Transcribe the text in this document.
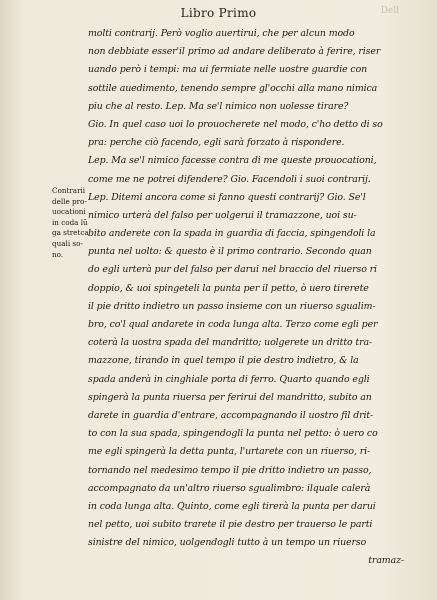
Libro Primo	Dell
Contrarii
delle pro-
uocationi
in coda lũ
ga stretca
quali so-
no.
molti contrarij. Però voglio auertirui, che per alcun modo
non debbiate esser'il primo ad andare deliberato à ferire, riser
uando però i tempi: ma ui fermiate nelle uostre guardie con
sottile auedimento, tenendo sempre gl'occhi alla mano nimica
piu che al resto. Lep. Ma se'l nimico non uolesse tirare?
Gio. In quel caso uoi lo prouocherete nel modo, c'ho detto di so
pra: perche ciò facendo, egli sarà forzato à rispondere.
Lep. Ma se'l nimico facesse contra di me queste prouocationi,
come me ne potrei difendere? Gio. Facendoli i suoi contrarij.
Lep. Ditemi ancora come si fanno questi contrarij? Gio. Se'l
nimico urterà del falso per uolgerui il tramazzone, uoi su-
bito anderete con la spada in guardia di faccia, spingendoli la
punta nel uolto: & questo è il primo contrario. Secondo quan
do egli urterà pur del falso per darui nel braccio del riuerso ri
doppio, & uoi spingeteli la punta per il petto, ò uero tirerete
il pie dritto indietro un passo insieme con un riuerso sgualim-
bro, co'l qual andarete in coda lunga alta. Terzo come egli per
coterà la uostra spada del mandritto; uolgerete un dritto tra-
mazzone, tirando in quel tempo il pie destro indietro, & la
spada anderà in cinghiale porta di ferro. Quarto quando egli
spingerà la punta riuersa per ferirui del mandritto, subito an
darete in guardia d'entrare, accompagnando il uostro fil drit-
to con la sua spada, spingendogli la punta nel petto: ò uero co
me egli spingerà la detta punta, l'urtarete con un riuerso, ri-
tornando nel medesimo tempo il pie dritto indietro un passo,
accompagnato da un'altro riuerso sgualimbro: ilquale calerà
in coda lunga alta. Quinto, come egli tirerà la punta per darui
nel petto, uoi subito trarete il pie destro per trauerso le parti
sinistre del nimico, uolgendogli tutto à un tempo un riuerso
tramaz-
